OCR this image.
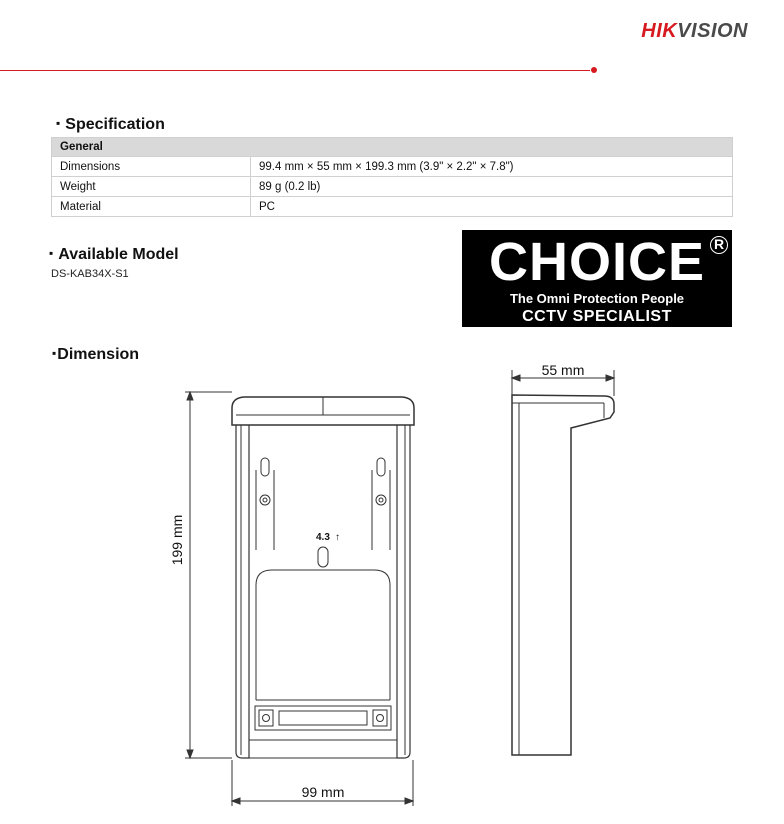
HIKVISION
▪ Specification
General	
Dimensions	99.4 mm × 55 mm × 199.3 mm (3.9" × 2.2" × 7.8")
Weight	89 g (0.2 lb)
Material	PC
▪ Available Model
DS-KAB34X-S1	CHOICE R
The Omni Protection People
CCTV SPECIALIST
▪Dimension
4.3 ↑
199 mm
99 mm
55 mm
